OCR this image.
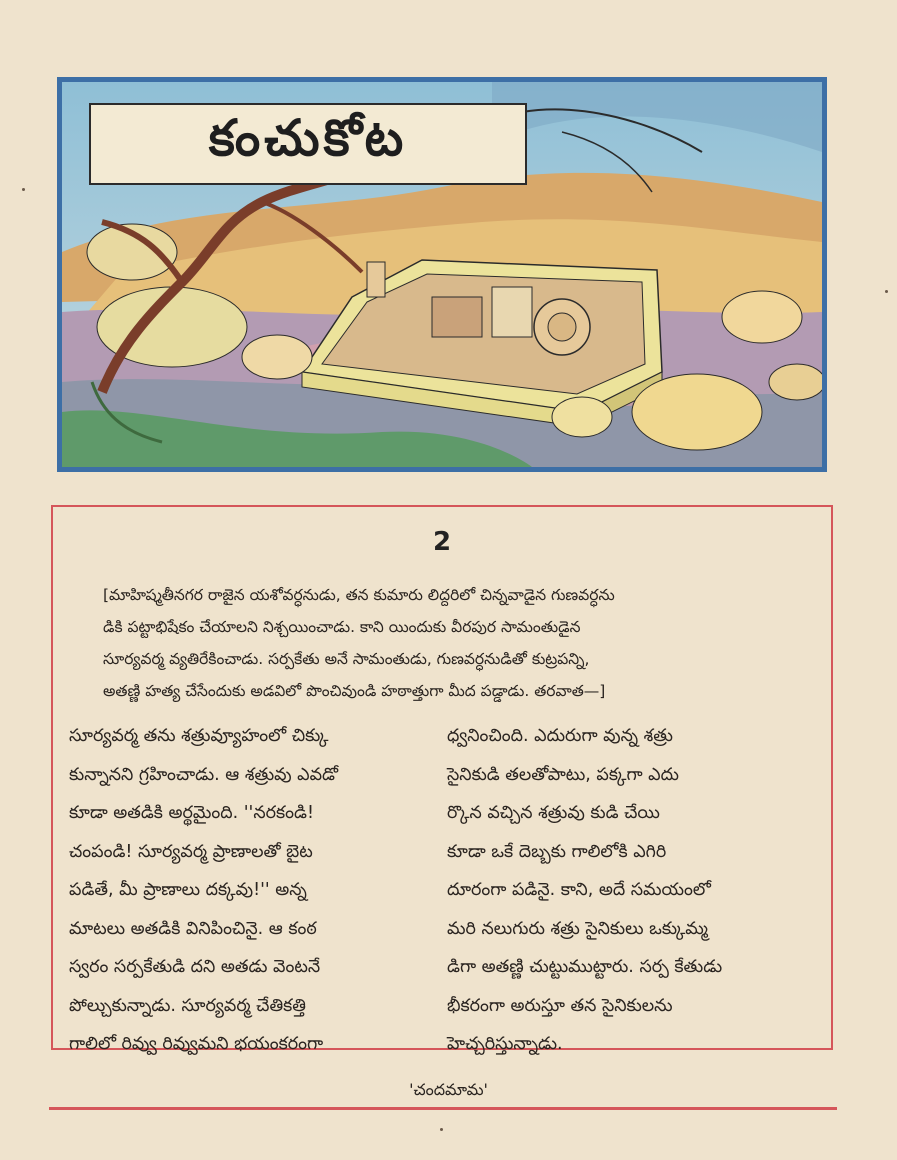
కంచుకోట
2

[మాహిష్మతీనగర రాజైన యశోవర్ధనుడు, తన కుమారు లిద్దరిలో చిన్నవాడైన గుణవర్ధను

డికి పట్టాభిషేకం చేయాలని నిశ్చయించాడు. కాని యిందుకు వీరపుర సామంతుడైన

సూర్యవర్మ వ్యతిరేకించాడు. సర్పకేతు అనే సామంతుడు, గుణవర్ధనుడితో కుట్రపన్ని,

అతణ్ణి హత్య చేసేందుకు అడవిలో పొంచివుండి హఠాత్తుగా మీద పడ్డాడు. తరవాత—]

సూర్యవర్మ తను శత్రువ్యూహంలో చిక్కు

కున్నానని గ్రహించాడు. ఆ శత్రువు ఎవడో

కూడా అతడికి అర్థమైంది. ''నరకండి!

చంపండి! సూర్యవర్మ ప్రాణాలతో బైట

పడితే, మీ ప్రాణాలు దక్కవు!'' అన్న

మాటలు అతడికి వినిపించినై. ఆ కంఠ

స్వరం సర్పకేతుడి దని అతడు వెంటనే

పోల్చుకున్నాడు. సూర్యవర్మ చేతికత్తి

గాలిలో రివ్వు రివ్వుమని భయంకరంగా

ధ్వనించింది. ఎదురుగా వున్న శత్రు

సైనికుడి తలతోపాటు, పక్కగా ఎదు

ర్కొన వచ్చిన శత్రువు కుడి చేయి

కూడా ఒకే దెబ్బకు గాలిలోకి ఎగిరి

దూరంగా పడినై. కాని, అదే సమయంలో

మరి నలుగురు శత్రు సైనికులు ఒక్కుమ్మ

డిగా అతణ్ణి చుట్టుముట్టారు. సర్ప కేతుడు

భీకరంగా అరుస్తూ తన సైనికులను

హెచ్చరిస్తున్నాడు.

'చందమామ'
